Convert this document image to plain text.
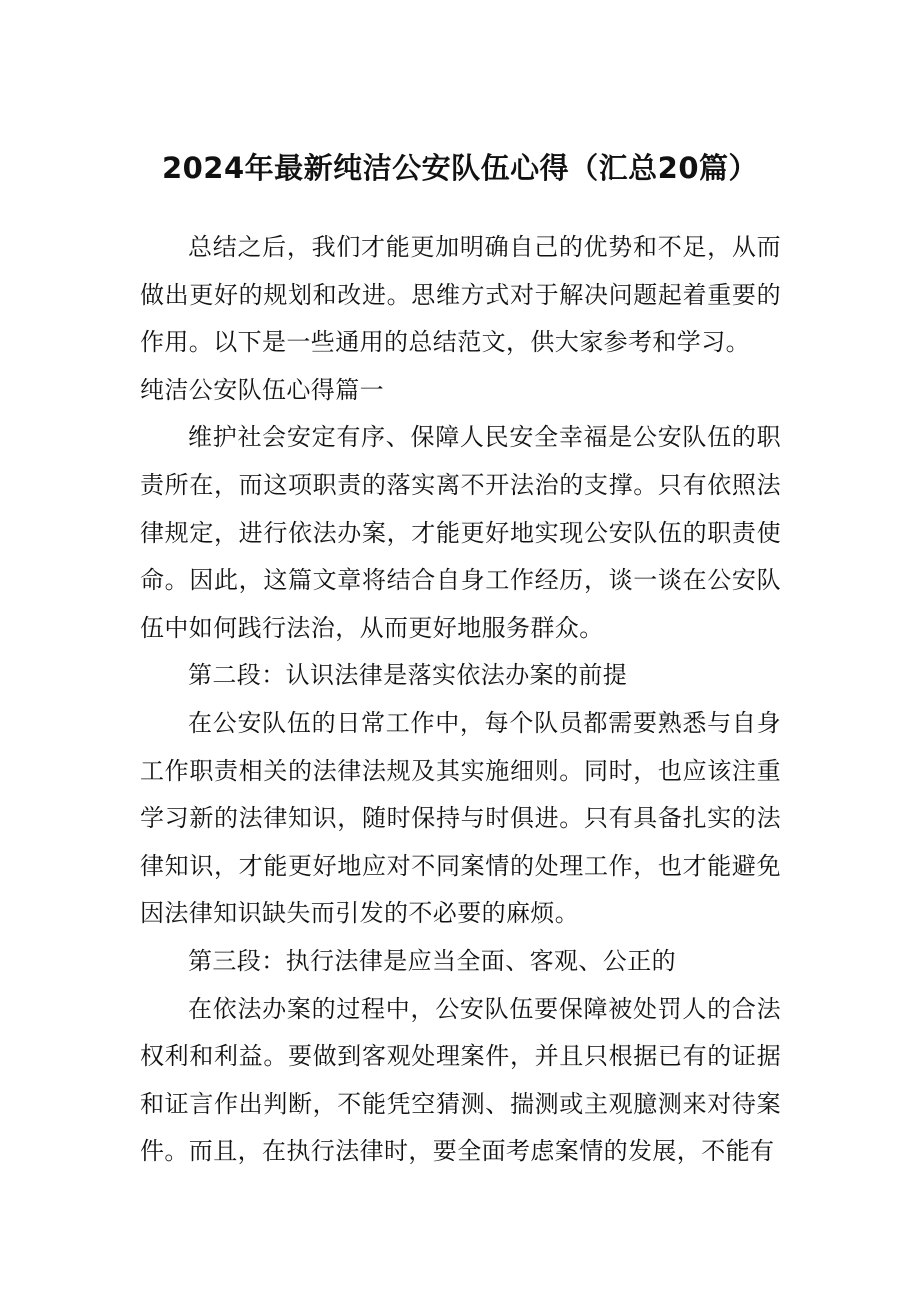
2024年最新纯洁公安队伍心得（汇总20篇）

总结之后，我们才能更加明确自己的优势和不足，从而做出更好的规划和改进。思维方式对于解决问题起着重要的作用。以下是一些通用的总结范文，供大家参考和学习。

纯洁公安队伍心得篇一

维护社会安定有序、保障人民安全幸福是公安队伍的职责所在，而这项职责的落实离不开法治的支撑。只有依照法律规定，进行依法办案，才能更好地实现公安队伍的职责使命。因此，这篇文章将结合自身工作经历，谈一谈在公安队伍中如何践行法治，从而更好地服务群众。

第二段：认识法律是落实依法办案的前提

在公安队伍的日常工作中，每个队员都需要熟悉与自身工作职责相关的法律法规及其实施细则。同时，也应该注重学习新的法律知识，随时保持与时俱进。只有具备扎实的法律知识，才能更好地应对不同案情的处理工作，也才能避免因法律知识缺失而引发的不必要的麻烦。

第三段：执行法律是应当全面、客观、公正的

在依法办案的过程中，公安队伍要保障被处罚人的合法权利和利益。要做到客观处理案件，并且只根据已有的证据和证言作出判断，不能凭空猜测、揣测或主观臆测来对待案件。而且，在执行法律时，要全面考虑案情的发展，不能有
